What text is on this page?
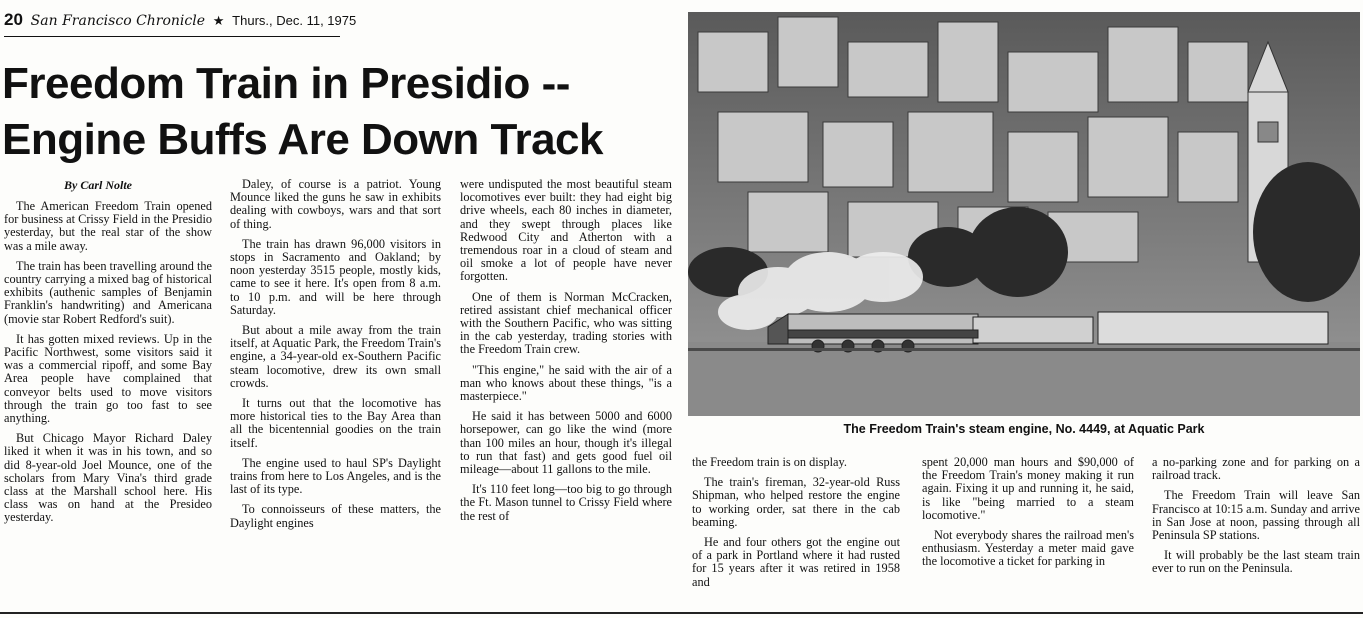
20 San Francisco Chronicle ★ Thurs., Dec. 11, 1975
Freedom Train in Presidio --
Engine Buffs Are Down Track
By Carl Nolte

The American Freedom Train opened for business at Crissy Field in the Presidio yesterday, but the real star of the show was a mile away.

The train has been travelling around the country carrying a mixed bag of historical exhibits (authenic samples of Benjamin Franklin's handwriting) and Americana (movie star Robert Redford's suit).

It has gotten mixed reviews. Up in the Pacific Northwest, some visitors said it was a commercial ripoff, and some Bay Area people have complained that conveyor belts used to move visitors through the train go too fast to see anything.

But Chicago Mayor Richard Daley liked it when it was in his town, and so did 8-year-old Joel Mounce, one of the scholars from Mary Vina's third grade class at the Marshall school here. His class was on hand at the Presideo yesterday.

Daley, of course is a patriot. Young Mounce liked the guns he saw in exhibits dealing with cowboys, wars and that sort of thing.

The train has drawn 96,000 visitors in stops in Sacramento and Oakland; by noon yesterday 3515 people, mostly kids, came to see it here. It's open from 8 a.m. to 10 p.m. and will be here through Saturday.

But about a mile away from the train itself, at Aquatic Park, the Freedom Train's engine, a 34-year-old ex-Southern Pacific steam locomotive, drew its own small crowds.

It turns out that the locomotive has more historical ties to the Bay Area than all the bicentennial goodies on the train itself.

The engine used to haul SP's Daylight trains from here to Los Angeles, and is the last of its type.

To connoisseurs of these matters, the Daylight engines

were undisputed the most beautiful steam locomotives ever built: they had eight big drive wheels, each 80 inches in diameter, and they swept through places like Redwood City and Atherton with a tremendous roar in a cloud of steam and oil smoke a lot of people have never forgotten.

One of them is Norman McCracken, retired assistant chief mechanical officer with the Southern Pacific, who was sitting in the cab yesterday, trading stories with the Freedom Train crew.

"This engine," he said with the air of a man who knows about these things, "is a masterpiece."

He said it has between 5000 and 6000 horsepower, can go like the wind (more than 100 miles an hour, though it's illegal to run that fast) and gets good fuel oil mileage—about 11 gallons to the mile.

It's 110 feet long—too big to go through the Ft. Mason tunnel to Crissy Field where the rest of

The Freedom Train's steam engine, No. 4449, at Aquatic Park

the Freedom train is on display.

The train's fireman, 32-year-old Russ Shipman, who helped restore the engine to working order, sat there in the cab beaming.

He and four others got the engine out of a park in Portland where it had rusted for 15 years after it was retired in 1958 and

spent 20,000 man hours and $90,000 of the Freedom Train's money making it run again. Fixing it up and running it, he said, is like "being married to a steam locomotive."

Not everybody shares the railroad men's enthusiasm. Yesterday a meter maid gave the locomotive a ticket for parking in

a no-parking zone and for parking on a railroad track.

The Freedom Train will leave San Francisco at 10:15 a.m. Sunday and arrive in San Jose at noon, passing through all Peninsula SP stations.

It will probably be the last steam train ever to run on the Peninsula.
